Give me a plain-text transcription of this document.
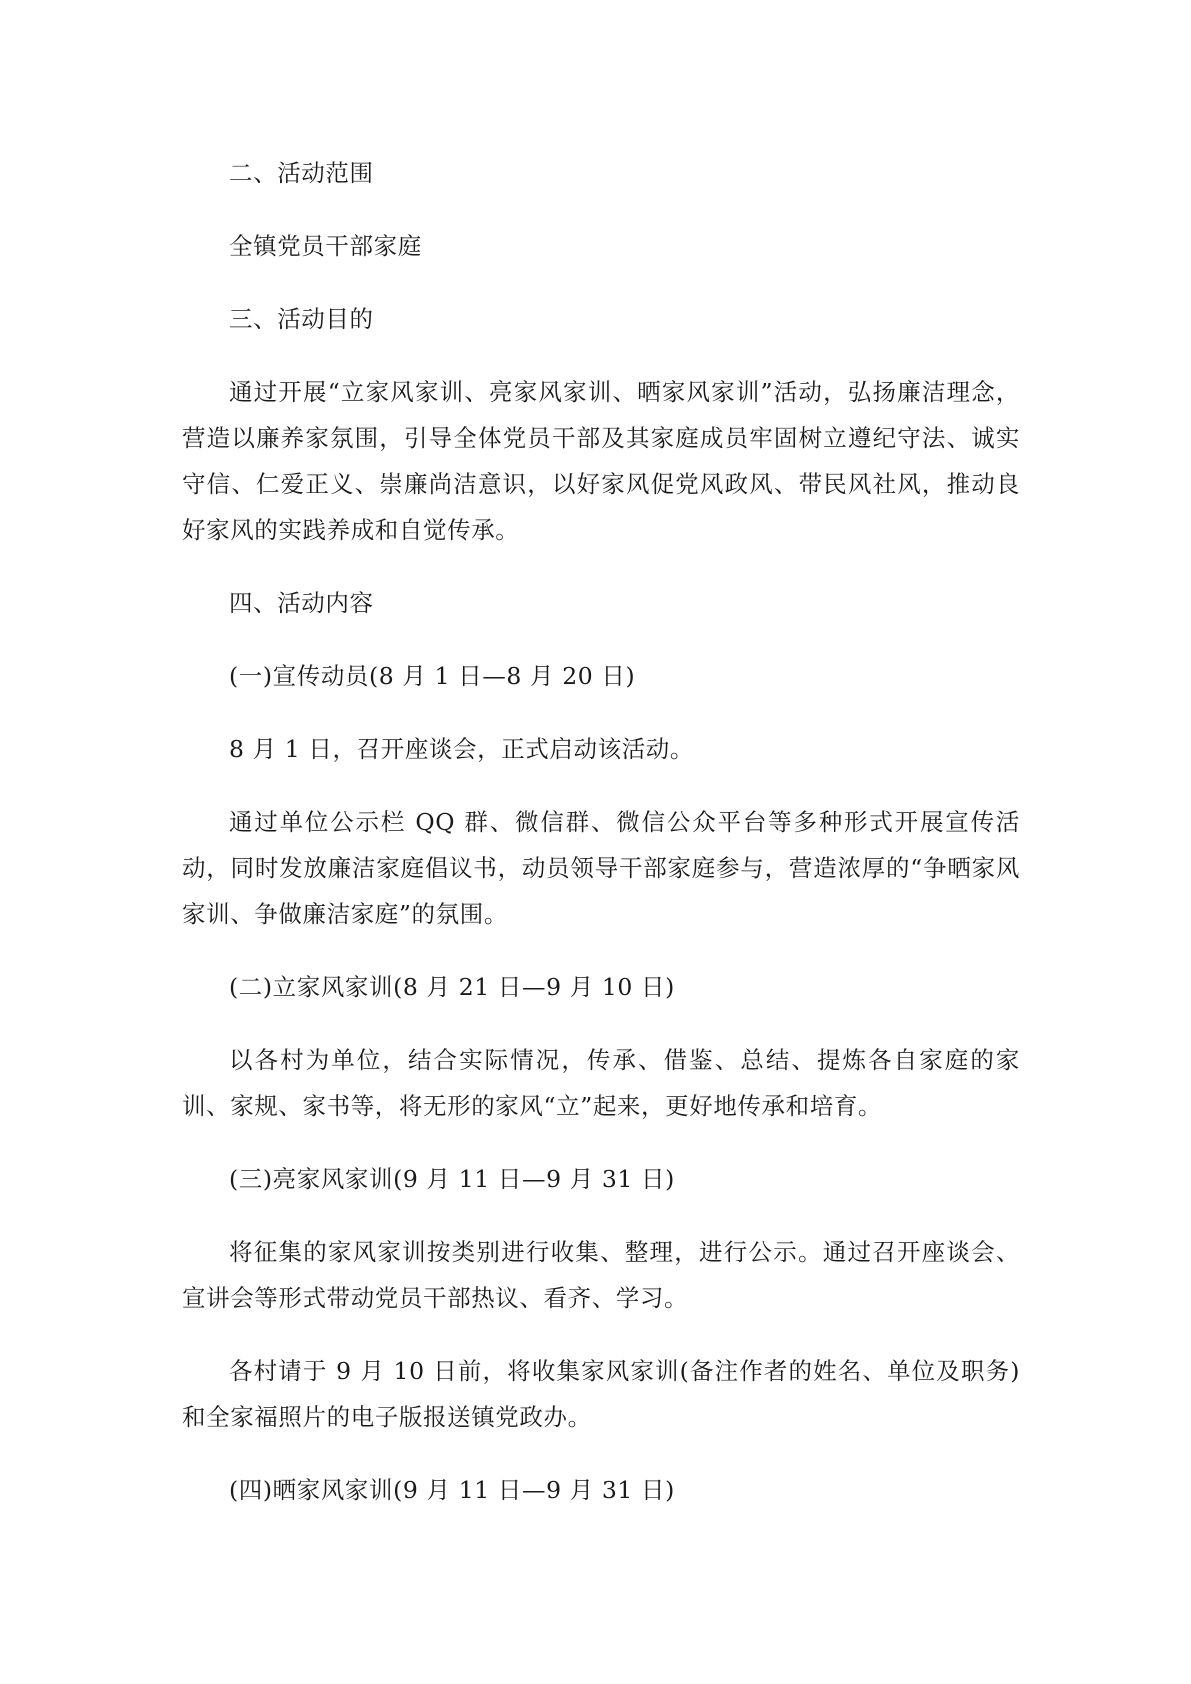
二、活动范围

全镇党员干部家庭

三、活动目的

通过开展“立家风家训、亮家风家训、晒家风家训”活动，弘扬廉洁理念，营造以廉养家氛围，引导全体党员干部及其家庭成员牢固树立遵纪守法、诚实守信、仁爱正义、崇廉尚洁意识，以好家风促党风政风、带民风社风，推动良好家风的实践养成和自觉传承。

四、活动内容

(一)宣传动员(8 月 1 日—8 月 20 日)

8 月 1 日，召开座谈会，正式启动该活动。

通过单位公示栏 QQ 群、微信群、微信公众平台等多种形式开展宣传活动，同时发放廉洁家庭倡议书，动员领导干部家庭参与，营造浓厚的“争晒家风家训、争做廉洁家庭”的氛围。

(二)立家风家训(8 月 21 日—9 月 10 日)

以各村为单位，结合实际情况，传承、借鉴、总结、提炼各自家庭的家训、家规、家书等，将无形的家风“立”起来，更好地传承和培育。

(三)亮家风家训(9 月 11 日—9 月 31 日)

将征集的家风家训按类别进行收集、整理，进行公示。通过召开座谈会、宣讲会等形式带动党员干部热议、看齐、学习。

各村请于 9 月 10 日前，将收集家风家训(备注作者的姓名、单位及职务)和全家福照片的电子版报送镇党政办。

(四)晒家风家训(9 月 11 日—9 月 31 日)
